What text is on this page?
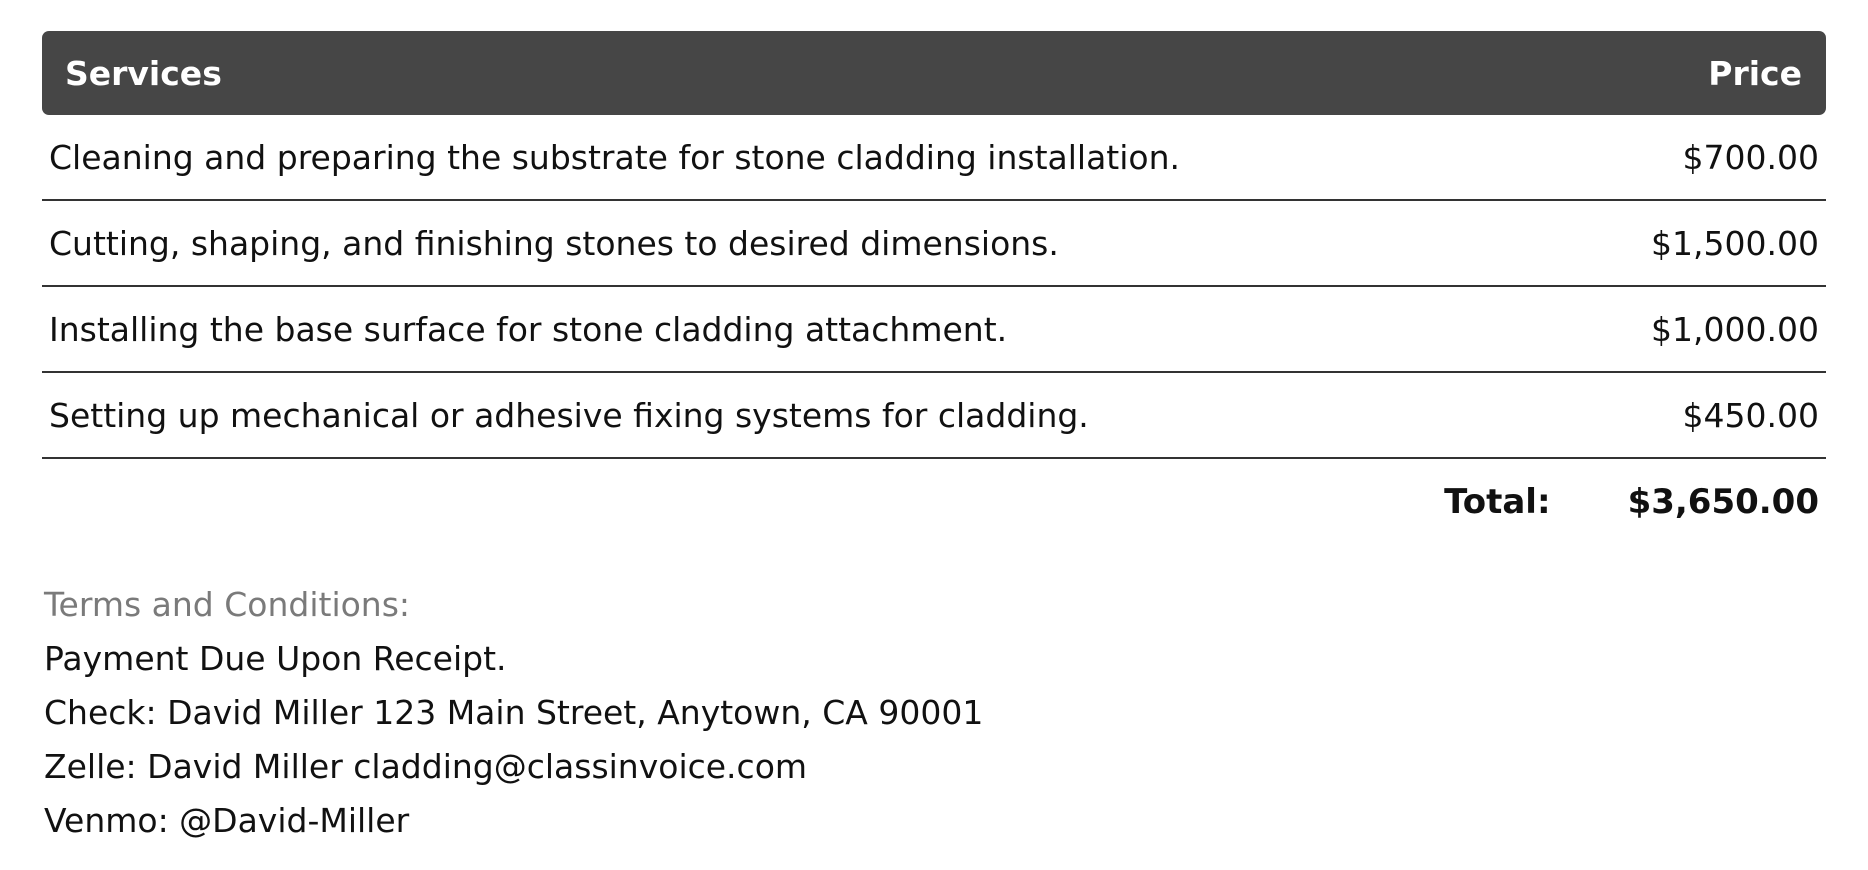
Services	Price
Cleaning and preparing the substrate for stone cladding installation.	$700.00
Cutting, shaping, and finishing stones to desired dimensions.	$1,500.00
Installing the base surface for stone cladding attachment.	$1,000.00
Setting up mechanical or adhesive fixing systems for cladding.	$450.00
Total: $3,650.00
Terms and Conditions:
Payment Due Upon Receipt.
Check: David Miller 123 Main Street, Anytown, CA 90001
Zelle: David Miller cladding@classinvoice.com
Venmo: @David-Miller
